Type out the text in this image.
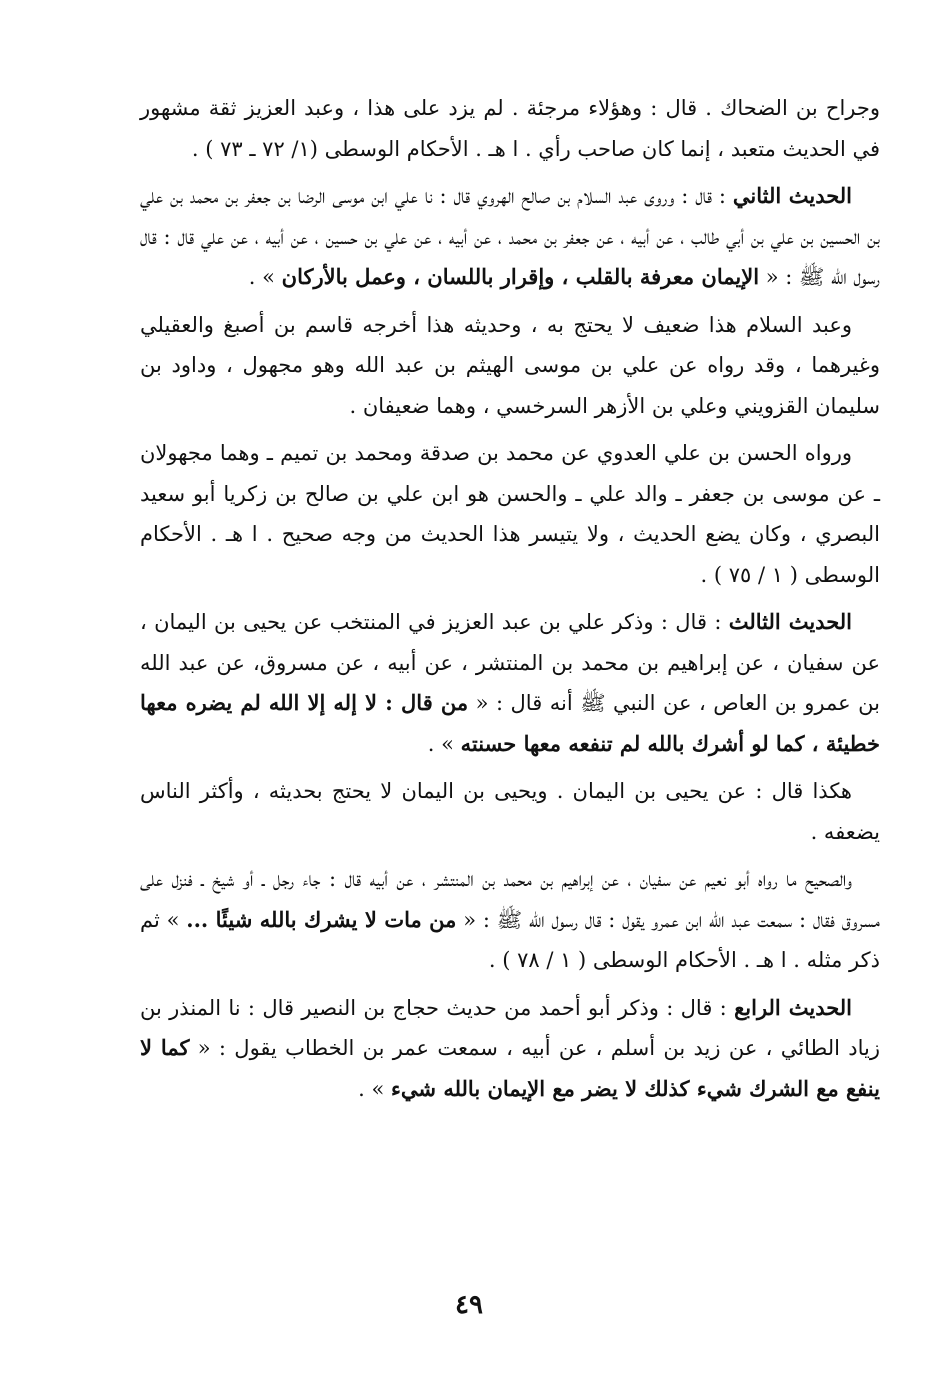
وجراح بن الضحاك . قال : وهؤلاء مرجئة . لم يزد على هذا ، وعبد العزيز ثقة مشهور في الحديث متعبد ، إنما كان صاحب رأي . ا هـ . الأحكام الوسطى (١/ ٧٢ ـ ٧٣ ) .

الحديث الثاني : قال : وروى عبد السلام بن صالح الهروي قال : نا علي ابن موسى الرضا بن جعفر بن محمد بن علي بن الحسين بن علي بن أبي طالب ، عن أبيه ، عن جعفر بن محمد ، عن أبيه ، عن علي بن حسين ، عن أبيه ، عن علي قال : قال رسول الله ﷺ : « الإيمان معرفة بالقلب ، وإقرار باللسان ، وعمل بالأركان » .

وعبد السلام هذا ضعيف لا يحتج به ، وحديثه هذا أخرجه قاسم بن أصبغ والعقيلي وغيرهما ، وقد رواه عن علي بن موسى الهيثم بن عبد الله وهو مجهول ، وداود بن سليمان القزويني وعلي بن الأزهر السرخسي ، وهما ضعيفان .

ورواه الحسن بن علي العدوي عن محمد بن صدقة ومحمد بن تميم ـ وهما مجهولان ـ عن موسى بن جعفر ـ والد علي ـ والحسن هو ابن علي بن صالح بن زكريا أبو سعيد البصري ، وكان يضع الحديث ، ولا يتيسر هذا الحديث من وجه صحيح . ا هـ . الأحكام الوسطى ( ١ / ٧٥ ) .

الحديث الثالث : قال : وذكر علي بن عبد العزيز في المنتخب عن يحيى بن اليمان ، عن سفيان ، عن إبراهيم بن محمد بن المنتشر ، عن أبيه ، عن مسروق، عن عبد الله بن عمرو بن العاص ، عن النبي ﷺ أنه قال : « من قال : لا إله إلا الله لم يضره معها خطيئة ، كما لو أشرك بالله لم تنفعه معها حسنته » .

هكذا قال : عن يحيى بن اليمان . ويحيى بن اليمان لا يحتج بحديثه ، وأكثر الناس يضعفه .

والصحيح ما رواه أبو نعيم عن سفيان ، عن إبراهيم بن محمد بن المنتشر ، عن أبيه قال : جاء رجل ـ أو شيخ ـ فنزل على مسروق فقال : سمعت عبد الله ابن عمرو يقول : قال رسول الله ﷺ : « من مات لا يشرك بالله شيئًا ... » ثم ذكر مثله . ا هـ . الأحكام الوسطى ( ١ / ٧٨ ) .

الحديث الرابع : قال : وذكر أبو أحمد من حديث حجاج بن النصير قال : نا المنذر بن زياد الطائي ، عن زيد بن أسلم ، عن أبيه ، سمعت عمر بن الخطاب يقول : « كما لا ينفع مع الشرك شيء كذلك لا يضر مع الإيمان بالله شيء » .

٤٩
